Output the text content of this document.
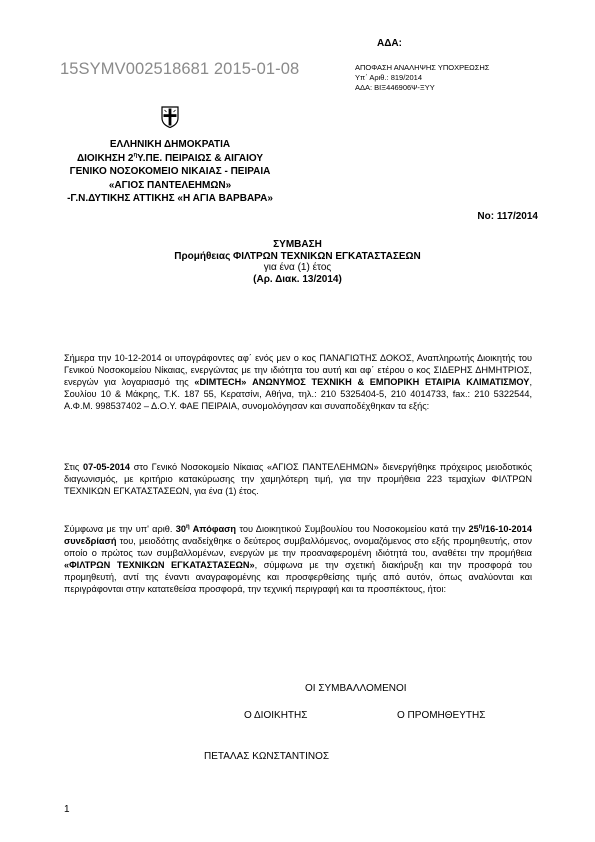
ΑΔΑ:
15SYMV002518681 2015-01-08	ΑΠΟΦΑΣΗ ΑΝΑΛΗΨΗΣ ΥΠΟΧΡΕΩΣΗΣ
Υπ΄ Αριθ.: 819/2014
ΑΔΑ: ΒΙΞ446906Ψ-ΞΥΥ
ΕΛΛΗΝΙΚΗ ΔΗΜΟΚΡΑΤΙΑ
ΔΙΟΙΚΗΣΗ $2^\eta\Upsilon.\Pi E$. ΠΕΙΡΑΙΩΣ & ΑΙΓΑΙΟΥ
ΓΕΝΙΚΟ ΝΟΣΟΚΟΜΕΙΟ ΝΙΚΑΙΑΣ - ΠΕΙΡΑΙΑ
«ΑΓΙΟΣ ΠΑΝΤΕΛΕΗΜΩΝ»
-Γ.Ν.ΔΥΤΙΚΗΣ ΑΤΤΙΚΗΣ «Η ΑΓΙΑ ΒΑΡΒΑΡΑ»
Νο: 117/2014
ΣΥΜΒΑΣΗ
Προμήθειας ΦΙΛΤΡΩΝ ΤΕΧΝΙΚΩΝ ΕΓΚΑΤΑΣΤΑΣΕΩΝ
για ένα (1) έτος
(Αρ. Διακ. 13/2014)
Σήμερα την 10-12-2014 οι υπογράφοντες αφ΄ ενός μεν ο κος ΠΑΝΑΓΙΩΤΗΣ ΔΟΚΟΣ, Αναπληρωτής Διοικητής του Γενικού Νοσοκομείου Νίκαιας, ενεργώντας με την ιδιότητα του αυτή και αφ΄ ετέρου ο κος ΣΙΔΕΡΗΣ ΔΗΜΗΤΡΙΟΣ, ενεργών για λογαριασμό της «DIMTECH» ΑΝΩΝΥΜΟΣ ΤΕΧΝΙΚΗ & ΕΜΠΟΡΙΚΗ ΕΤΑΙΡΙΑ ΚΛΙΜΑΤΙΣΜΟΥ, Σουλίου 10 & Μάκρης, Τ.Κ. 187 55, Κερατσίνι, Αθήνα, τηλ.: 210 5325404-5, 210 4014733, fax.: 210 5322544, Α.Φ.Μ. 998537402 – Δ.Ο.Υ. ΦΑΕ ΠΕΙΡΑΙΑ, συνομολόγησαν και συναποδέχθηκαν τα εξής:
Στις 07-05-2014 στο Γενικό Νοσοκομείο Νίκαιας «ΑΓΙΟΣ ΠΑΝΤΕΛΕΗΜΩΝ» διενεργήθηκε πρόχειρος μειοδοτικός διαγωνισμός, με κριτήριο κατακύρωσης την χαμηλότερη τιμή, για την προμήθεια 223 τεμαχίων ΦΙΛΤΡΩΝ ΤΕΧΝΙΚΩΝ ΕΓΚΑΤΑΣΤΑΣΕΩΝ, για ένα (1) έτος.
Σύμφωνα με την υπ' αριθ. $30^\eta$ Απόφαση του Διοικητικού Συμβουλίου του Νοσοκομείου κατά την $25^\eta/16-10-2014$ συνεδρίασή του, μειοδότης αναδείχθηκε ο δεύτερος συμβαλλόμενος, ονομαζόμενος στο εξής προμηθευτής, στον οποίο ο πρώτος των συμβαλλομένων, ενεργών με την προαναφερομένη ιδιότητά του, αναθέτει την προμήθεια «ΦΙΛΤΡΩΝ ΤΕΧΝΙΚΩΝ ΕΓΚΑΤΑΣΤΑΣΕΩΝ», σύμφωνα με την σχετική διακήρυξη και την προσφορά του προμηθευτή, αντί της έναντι αναγραφομένης και προσφερθείσης τιμής από αυτόν, όπως αναλύονται και περιγράφονται στην κατατεθείσα προσφορά, την τεχνική περιγραφή και τα προσπέκτους, ήτοι:
ΟΙ ΣΥΜΒΑΛΛΟΜΕΝΟΙ
Ο ΔΙΟΙΚΗΤΗΣ	Ο ΠΡΟΜΗΘΕΥΤΗΣ
ΠΕΤΑΛΑΣ ΚΩΝΣΤΑΝΤΙΝΟΣ
1
